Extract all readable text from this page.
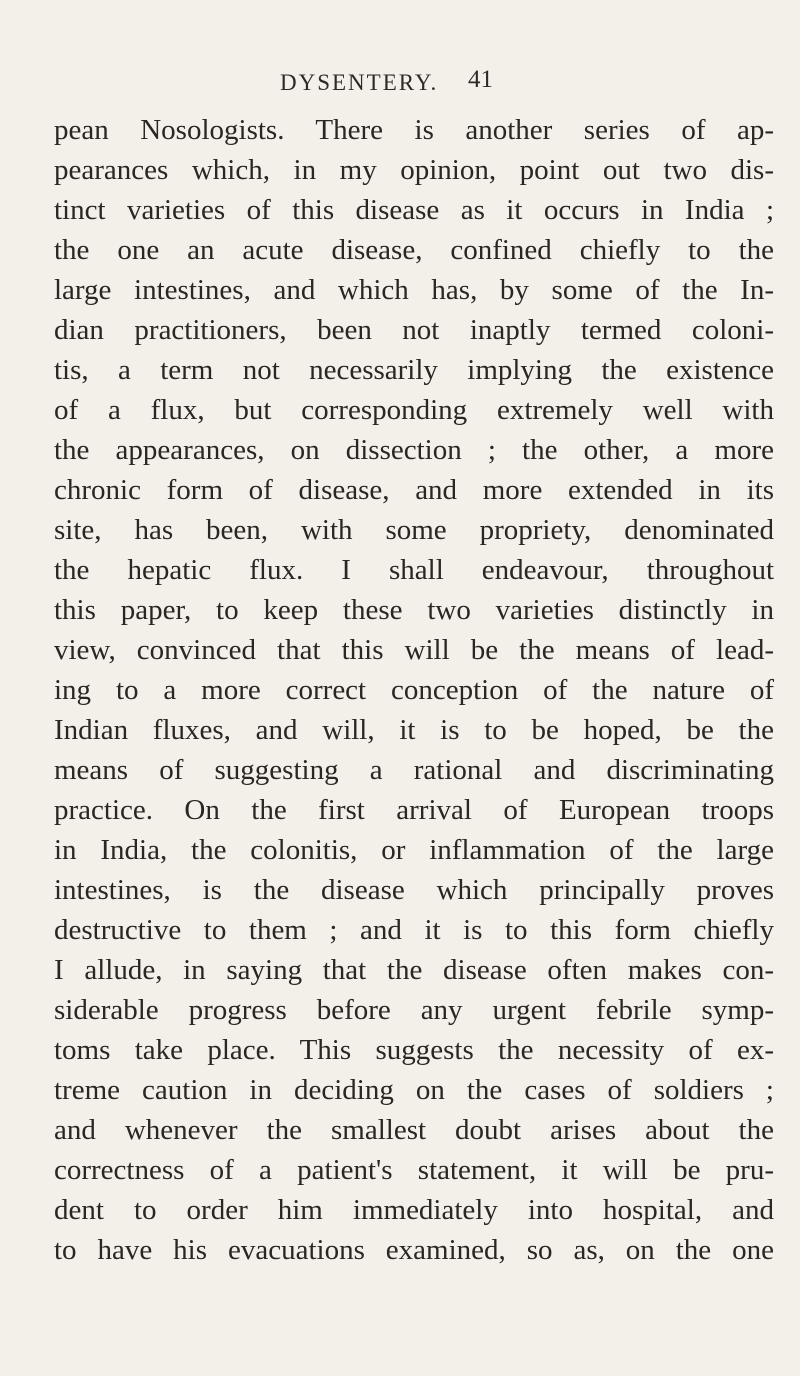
DYSENTERY. 41
pean Nosologists. There is another series of ap-
pearances which, in my opinion, point out two dis-
tinct varieties of this disease as it occurs in India ;
the one an acute disease, confined chiefly to the
large intestines, and which has, by some of the In-
dian practitioners, been not inaptly termed coloni-
tis, a term not necessarily implying the existence
of a flux, but corresponding extremely well with
the appearances, on dissection ; the other, a more
chronic form of disease, and more extended in its
site, has been, with some propriety, denominated
the hepatic flux. I shall endeavour, throughout
this paper, to keep these two varieties distinctly in
view, convinced that this will be the means of lead-
ing to a more correct conception of the nature of
Indian fluxes, and will, it is to be hoped, be the
means of suggesting a rational and discriminating
practice. On the first arrival of European troops
in India, the colonitis, or inflammation of the large
intestines, is the disease which principally proves
destructive to them ; and it is to this form chiefly
I allude, in saying that the disease often makes con-
siderable progress before any urgent febrile symp-
toms take place. This suggests the necessity of ex-
treme caution in deciding on the cases of soldiers ;
and whenever the smallest doubt arises about the
correctness of a patient's statement, it will be pru-
dent to order him immediately into hospital, and
to have his evacuations examined, so as, on the one
